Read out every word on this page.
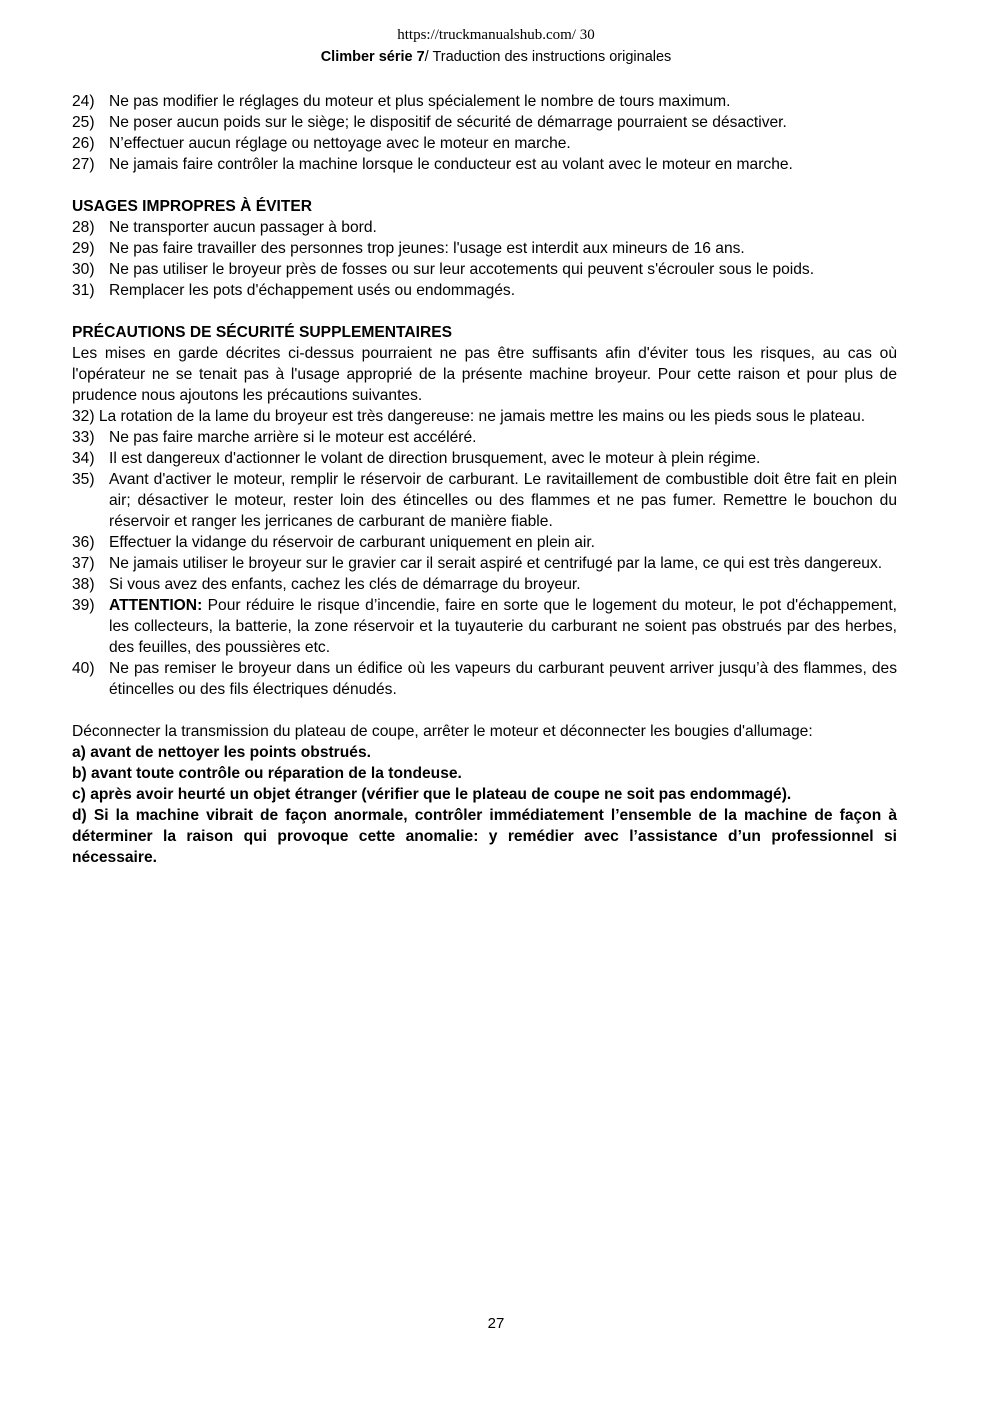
https://truckmanualshub.com/ 30
Climber série 7/ Traduction des instructions originales
24) Ne pas modifier le réglages du moteur et plus spécialement le nombre de tours maximum.
25) Ne poser aucun poids sur le siège; le dispositif de sécurité de démarrage pourraient se désactiver.
26) N’effectuer aucun réglage ou nettoyage avec le moteur en marche.
27) Ne jamais faire contrôler la machine lorsque le conducteur est au volant avec le moteur en marche.
USAGES IMPROPRES À ÉVITER
28) Ne transporter aucun passager à bord.
29) Ne pas faire travailler des personnes trop jeunes: l'usage est interdit aux mineurs de 16 ans.
30) Ne pas utiliser le broyeur près de fosses ou sur leur accotements qui peuvent s'écrouler sous le poids.
31) Remplacer les pots d'échappement usés ou endommagés.
PRÉCAUTIONS DE SÉCURITÉ SUPPLEMENTAIRES

Les mises en garde décrites ci-dessus pourraient ne pas être suffisants afin d'éviter tous les risques, au cas où l'opérateur ne se tenait pas à l'usage approprié de la présente machine broyeur. Pour cette raison et pour plus de prudence nous ajoutons les précautions suivantes.

32) La rotation de la lame du broyeur est très dangereuse: ne jamais mettre les mains ou les pieds sous le plateau.

33) Ne pas faire marche arrière si le moteur est accéléré.
34) Il est dangereux d'actionner le volant de direction brusquement, avec le moteur à plein régime.
35) Avant d'activer le moteur, remplir le réservoir de carburant. Le ravitaillement de combustible doit être fait en plein air; désactiver le moteur, rester loin des étincelles ou des flammes et ne pas fumer. Remettre le bouchon du réservoir et ranger les jerricanes de carburant de manière fiable.
36) Effectuer la vidange du réservoir de carburant uniquement en plein air.
37) Ne jamais utiliser le broyeur sur le gravier car il serait aspiré et centrifugé par la lame, ce qui est très dangereux.
38) Si vous avez des enfants, cachez les clés de démarrage du broyeur.
39) ATTENTION: Pour réduire le risque d’incendie, faire en sorte que le logement du moteur, le pot d'échappement, les collecteurs, la batterie, la zone réservoir et la tuyauterie du carburant ne soient pas obstrués par des herbes, des feuilles, des poussières etc.
40) Ne pas remiser le broyeur dans un édifice où les vapeurs du carburant peuvent arriver jusqu’à des flammes, des étincelles ou des fils électriques dénudés.

Déconnecter la transmission du plateau de coupe, arrêter le moteur et déconnecter les bougies d'allumage:

a) avant de nettoyer les points obstrués.

b) avant toute contrôle ou réparation de la tondeuse.

c) après avoir heurté un objet étranger (vérifier que le plateau de coupe ne soit pas endommagé).

d) Si la machine vibrait de façon anormale, contrôler immédiatement l’ensemble de la machine de façon à déterminer la raison qui provoque cette anomalie: y remédier avec l’assistance d’un professionnel si nécessaire.

27
